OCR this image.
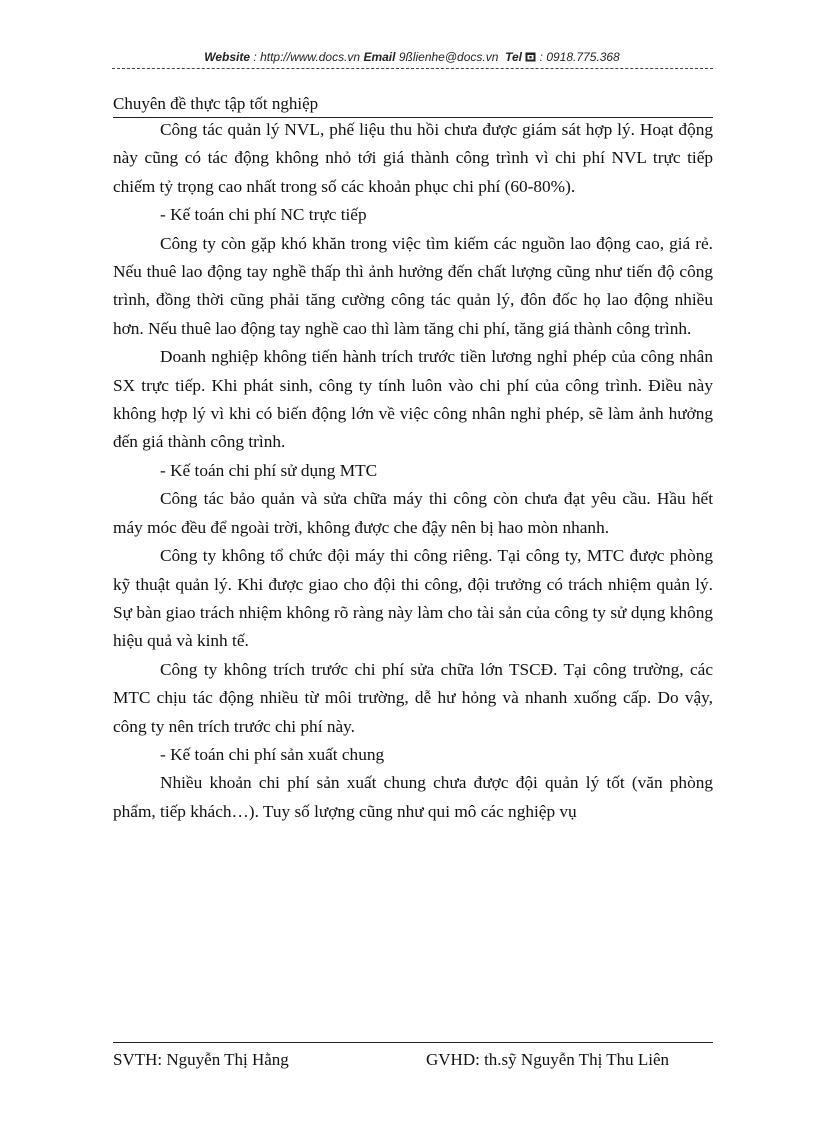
Website : http://www.docs.vn Email 9ßlienhe@docs.vn Tel  : 0918.775.368
Chuyên đề thực tập tốt nghiệp

Công tác quản lý NVL, phế liệu thu hồi chưa được giám sát hợp lý. Hoạt động này cũng có tác động không nhỏ tới giá thành công trình vì chi phí NVL trực tiếp chiếm tỷ trọng cao nhất trong số các khoản phục chi phí (60-80%).

- Kế toán chi phí NC trực tiếp

Công ty còn gặp khó khăn trong việc tìm kiếm các nguồn lao động cao, giá rẻ. Nếu thuê lao động tay nghề thấp thì ảnh hưởng đến chất lượng cũng như tiến độ công trình, đồng thời cũng phải tăng cường công tác quản lý, đôn đốc họ lao động nhiều hơn. Nếu thuê lao động tay nghề cao thì làm tăng chi phí, tăng giá thành công trình.

Doanh nghiệp không tiến hành trích trước tiền lương nghỉ phép của công nhân SX trực tiếp. Khi phát sinh, công ty tính luôn vào chi phí của công trình. Điều này không hợp lý vì khi có biến động lớn về việc công nhân nghỉ phép, sẽ làm ảnh hưởng đến giá thành công trình.

- Kế toán chi phí sử dụng MTC

Công tác bảo quản và sửa chữa máy thi công còn chưa đạt yêu cầu. Hầu hết máy móc đều để ngoài trời, không được che đậy nên bị hao mòn nhanh.

Công ty không tổ chức đội máy thi công riêng. Tại công ty, MTC được phòng kỹ thuật quản lý. Khi được giao cho đội thi công, đội trưởng có trách nhiệm quản lý. Sự bàn giao trách nhiệm không rõ ràng này làm cho tài sản của công ty sử dụng không hiệu quả và kinh tế.

Công ty không trích trước chi phí sửa chữa lớn TSCĐ. Tại công trường, các MTC chịu tác động nhiều từ môi trường, dễ hư hỏng và nhanh xuống cấp. Do vậy, công ty nên trích trước chi phí này.

- Kế toán chi phí sản xuất chung

Nhiều khoản chi phí sản xuất chung chưa được đội quản lý tốt (văn phòng phẩm, tiếp khách…). Tuy số lượng cũng như qui mô các nghiệp vụ

SVTH: Nguyễn Thị Hằng	GVHD: th.sỹ Nguyễn Thị Thu Liên
